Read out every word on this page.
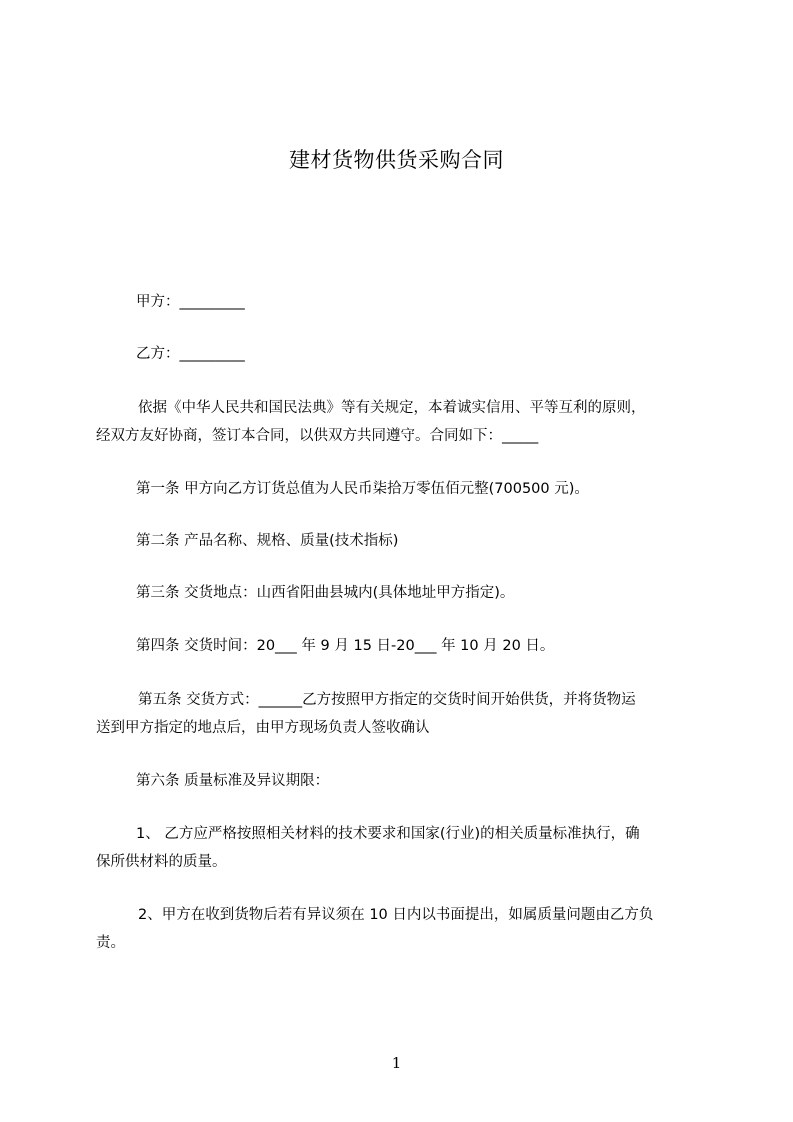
建材货物供货采购合同
甲方：_________
乙方：_________
依据《中华人民共和国民法典》等有关规定，本着诚实信用、平等互利的原则，
经双方友好协商，签订本合同，以供双方共同遵守。合同如下：_____
第一条 甲方向乙方订货总值为人民币柒拾万零伍佰元整(700500 元)。
第二条 产品名称、规格、质量(技术指标)
第三条 交货地点：山西省阳曲县城内(具体地址甲方指定)。
第四条 交货时间：20___ 年 9 月 15 日-20___ 年 10 月 20 日。
第五条 交货方式：______乙方按照甲方指定的交货时间开始供货，并将货物运
送到甲方指定的地点后，由甲方现场负责人签收确认
第六条 质量标准及异议期限：
1、 乙方应严格按照相关材料的技术要求和国家(行业)的相关质量标准执行，确
保所供材料的质量。
2、甲方在收到货物后若有异议须在 10 日内以书面提出，如属质量问题由乙方负
责。
1
